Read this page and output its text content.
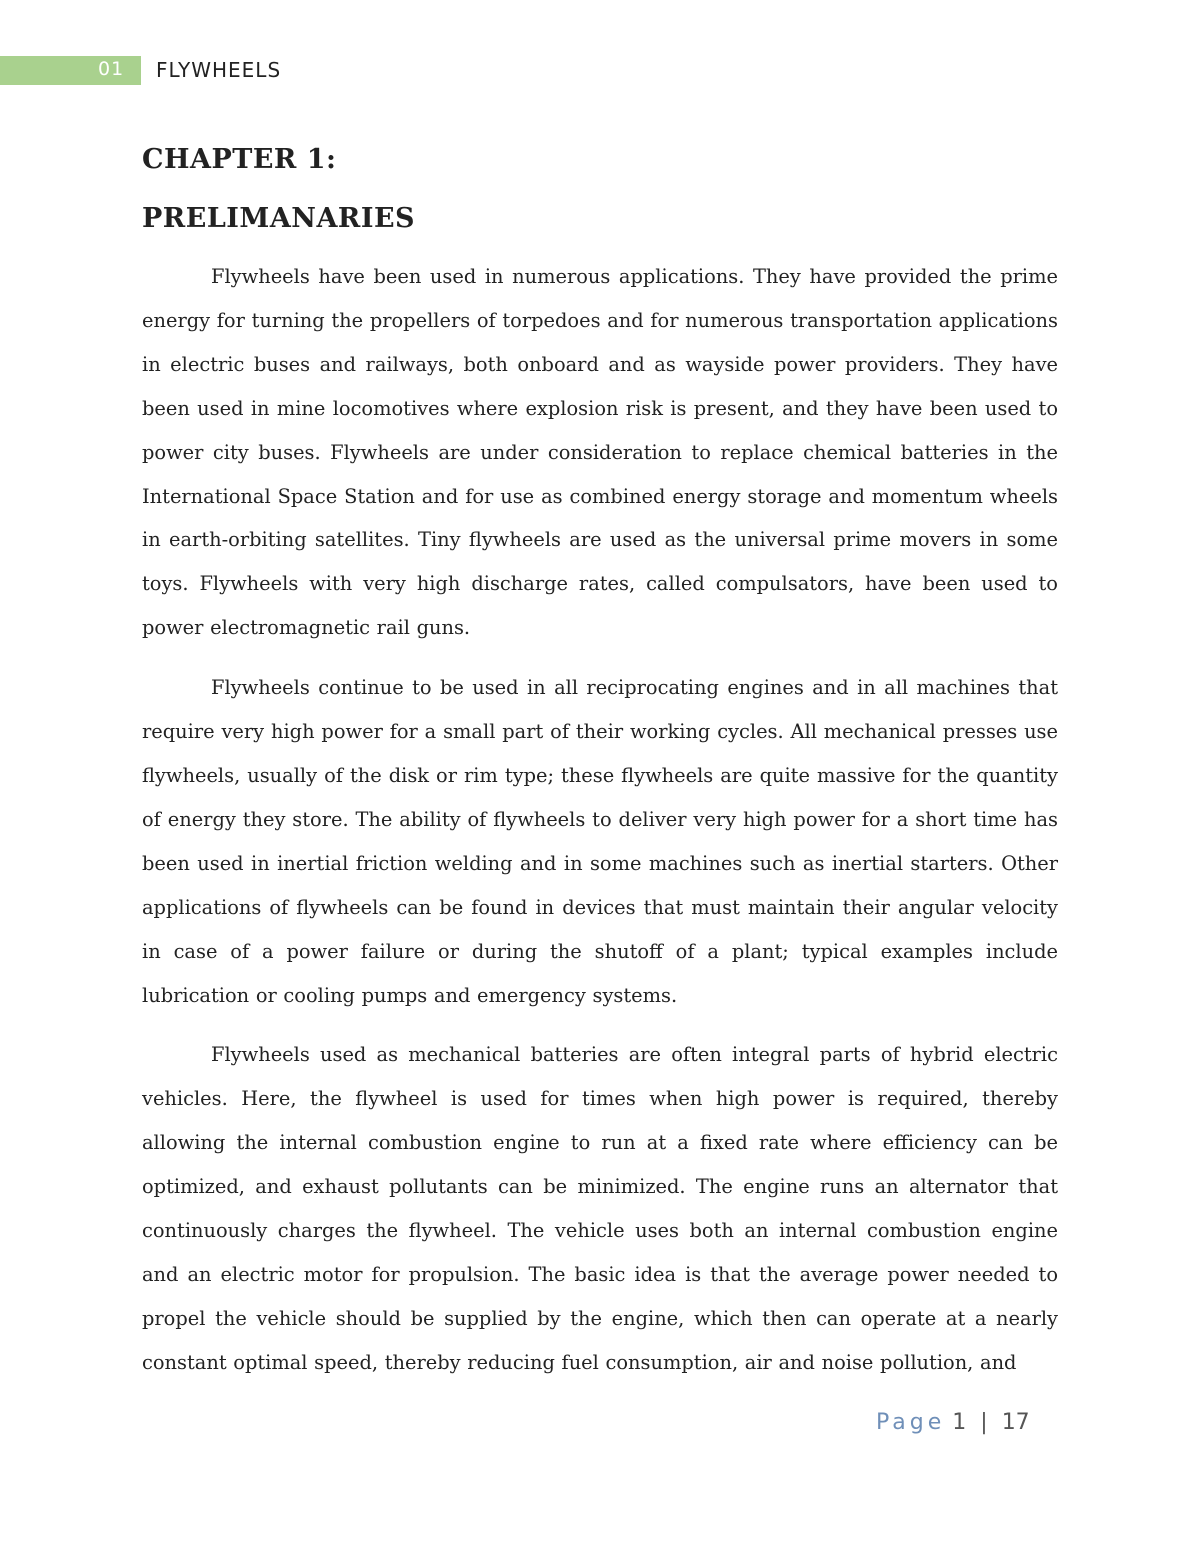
01 FLYWHEELS
CHAPTER 1:
PRELIMANARIES

Flywheels have been used in numerous applications. They have provided the prime energy for turning the propellers of torpedoes and for numerous transportation applications in electric buses and railways, both onboard and as wayside power providers. They have been used in mine locomotives where explosion risk is present, and they have been used to power city buses. Flywheels are under consideration to replace chemical batteries in the International Space Station and for use as combined energy storage and momentum wheels in earth-orbiting satellites. Tiny flywheels are used as the universal prime movers in some toys. Flywheels with very high discharge rates, called compulsators, have been used to power electromagnetic rail guns.

Flywheels continue to be used in all reciprocating engines and in all machines that require very high power for a small part of their working cycles. All mechanical presses use flywheels, usually of the disk or rim type; these flywheels are quite massive for the quantity of energy they store. The ability of flywheels to deliver very high power for a short time has been used in inertial friction welding and in some machines such as inertial starters. Other applications of flywheels can be found in devices that must maintain their angular velocity in case of a power failure or during the shutoff of a plant; typical examples include lubrication or cooling pumps and emergency systems.

Flywheels used as mechanical batteries are often integral parts of hybrid electric vehicles. Here, the flywheel is used for times when high power is required, thereby allowing the internal combustion engine to run at a fixed rate where efficiency can be optimized, and exhaust pollutants can be minimized. The engine runs an alternator that continuously charges the flywheel. The vehicle uses both an internal combustion engine and an electric motor for propulsion. The basic idea is that the average power needed to propel the vehicle should be supplied by the engine, which then can operate at a nearly constant optimal speed, thereby reducing fuel consumption, air and noise pollution, and

Page 1 | 17
